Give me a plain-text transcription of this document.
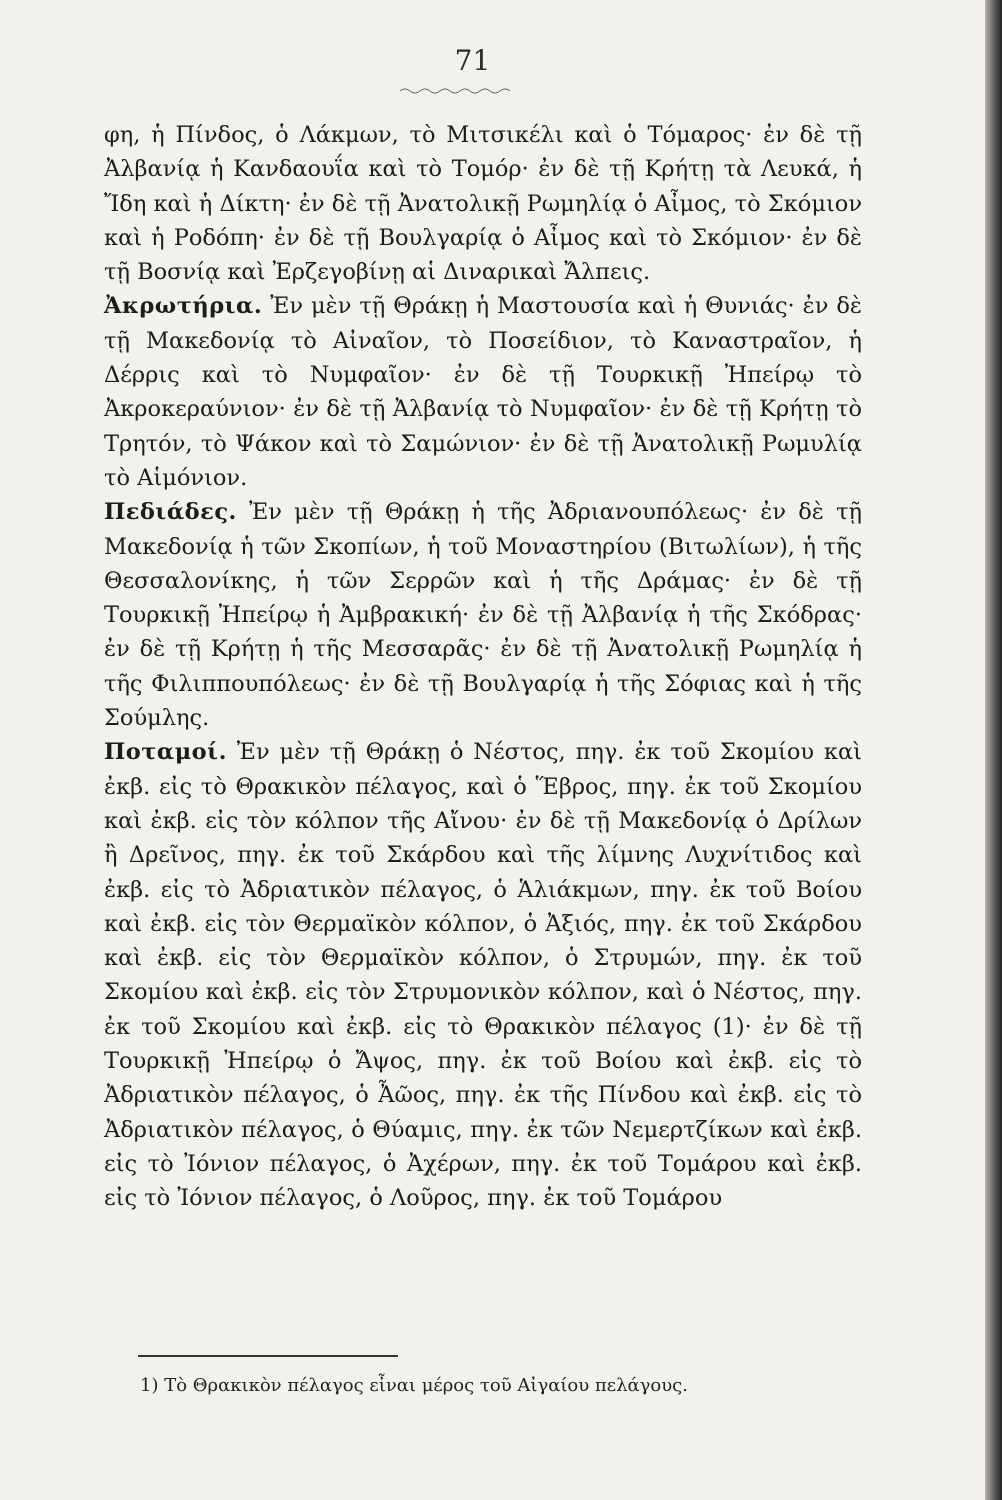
71

φη, ἡ Πίνδος, ὁ Λάκμων, τὸ Μιτσικέλι καὶ ὁ Τόμαρος· ἐν δὲ τῇ Ἀλβανίᾳ ἡ Κανδαουΐα καὶ τὸ Τομόρ· ἐν δὲ τῇ Κρήτῃ τὰ Λευκά, ἡ Ἴδη καὶ ἡ Δίκτη· ἐν δὲ τῇ Ἀνατολικῇ Ρωμηλίᾳ ὁ Αἶμος, τὸ Σκόμιον καὶ ἡ Ροδόπη· ἐν δὲ τῇ Βουλγαρίᾳ ὁ Αἶμος καὶ τὸ Σκόμιον· ἐν δὲ τῇ Βοσνίᾳ καὶ Ἐρζεγοβίνῃ αἱ Διναρικαὶ Ἄλπεις.

Ἀκρωτήρια. Ἐν μὲν τῇ Θράκῃ ἡ Μαστουσία καὶ ἡ Θυνιάς· ἐν δὲ τῇ Μακεδονίᾳ τὸ Αἰναῖον, τὸ Ποσείδιον, τὸ Καναστραῖον, ἡ Δέρρις καὶ τὸ Νυμφαῖον· ἐν δὲ τῇ Τουρκικῇ Ἠπείρῳ τὸ Ἀκροκεραύνιον· ἐν δὲ τῇ Ἀλβανίᾳ τὸ Νυμφαῖον· ἐν δὲ τῇ Κρήτῃ τὸ Τρητόν, τὸ Ψάκον καὶ τὸ Σαμώνιον· ἐν δὲ τῇ Ἀνατολικῇ Ρωμυλίᾳ τὸ Αἱμόνιον.

Πεδιάδες. Ἐν μὲν τῇ Θράκῃ ἡ τῆς Ἀδριανουπόλεως· ἐν δὲ τῇ Μακεδονίᾳ ἡ τῶν Σκοπίων, ἡ τοῦ Μοναστηρίου (Βιτωλίων), ἡ τῆς Θεσσαλονίκης, ἡ τῶν Σερρῶν καὶ ἡ τῆς Δράμας· ἐν δὲ τῇ Τουρκικῇ Ἠπείρῳ ἡ Ἀμβρακική· ἐν δὲ τῇ Ἀλβανίᾳ ἡ τῆς Σκόδρας· ἐν δὲ τῇ Κρήτῃ ἡ τῆς Μεσσαρᾶς· ἐν δὲ τῇ Ἀνατολικῇ Ρωμηλίᾳ ἡ τῆς Φιλιππουπόλεως· ἐν δὲ τῇ Βουλγαρίᾳ ἡ τῆς Σόφιας καὶ ἡ τῆς Σούμλης.

Ποταμοί. Ἐν μὲν τῇ Θράκῃ ὁ Νέστος, πηγ. ἐκ τοῦ Σκομίου καὶ ἐκβ. εἰς τὸ Θρακικὸν πέλαγος, καὶ ὁ Ἕβρος, πηγ. ἐκ τοῦ Σκομίου καὶ ἐκβ. εἰς τὸν κόλπον τῆς Αἴνου· ἐν δὲ τῇ Μακεδονίᾳ ὁ Δρίλων ἢ Δρεῖνος, πηγ. ἐκ τοῦ Σκάρδου καὶ τῆς λίμνης Λυχνίτιδος καὶ ἐκβ. εἰς τὸ Ἀδριατικὸν πέλαγος, ὁ Ἁλιάκμων, πηγ. ἐκ τοῦ Βοίου καὶ ἐκβ. εἰς τὸν Θερμαϊκὸν κόλπον, ὁ Ἀξιός, πηγ. ἐκ τοῦ Σκάρδου καὶ ἐκβ. εἰς τὸν Θερμαϊκὸν κόλπον, ὁ Στρυμών, πηγ. ἐκ τοῦ Σκομίου καὶ ἐκβ. εἰς τὸν Στρυμονικὸν κόλπον, καὶ ὁ Νέστος, πηγ. ἐκ τοῦ Σκομίου καὶ ἐκβ. εἰς τὸ Θρακικὸν πέλαγος (1)· ἐν δὲ τῇ Τουρκικῇ Ἠπείρῳ ὁ Ἄψος, πηγ. ἐκ τοῦ Βοίου καὶ ἐκβ. εἰς τὸ Ἀδριατικὸν πέλαγος, ὁ Ἆῶος, πηγ. ἐκ τῆς Πίνδου καὶ ἐκβ. εἰς τὸ Ἀδριατικὸν πέλαγος, ὁ Θύαμις, πηγ. ἐκ τῶν Νεμερτζίκων καὶ ἐκβ. εἰς τὸ Ἰόνιον πέλαγος, ὁ Ἀχέρων, πηγ. ἐκ τοῦ Τομάρου καὶ ἐκβ. εἰς τὸ Ἰόνιον πέλαγος, ὁ Λοῦρος, πηγ. ἐκ τοῦ Τομάρου

1) Τὸ Θρακικὸν πέλαγος εἶναι μέρος τοῦ Αἰγαίου πελάγους.
